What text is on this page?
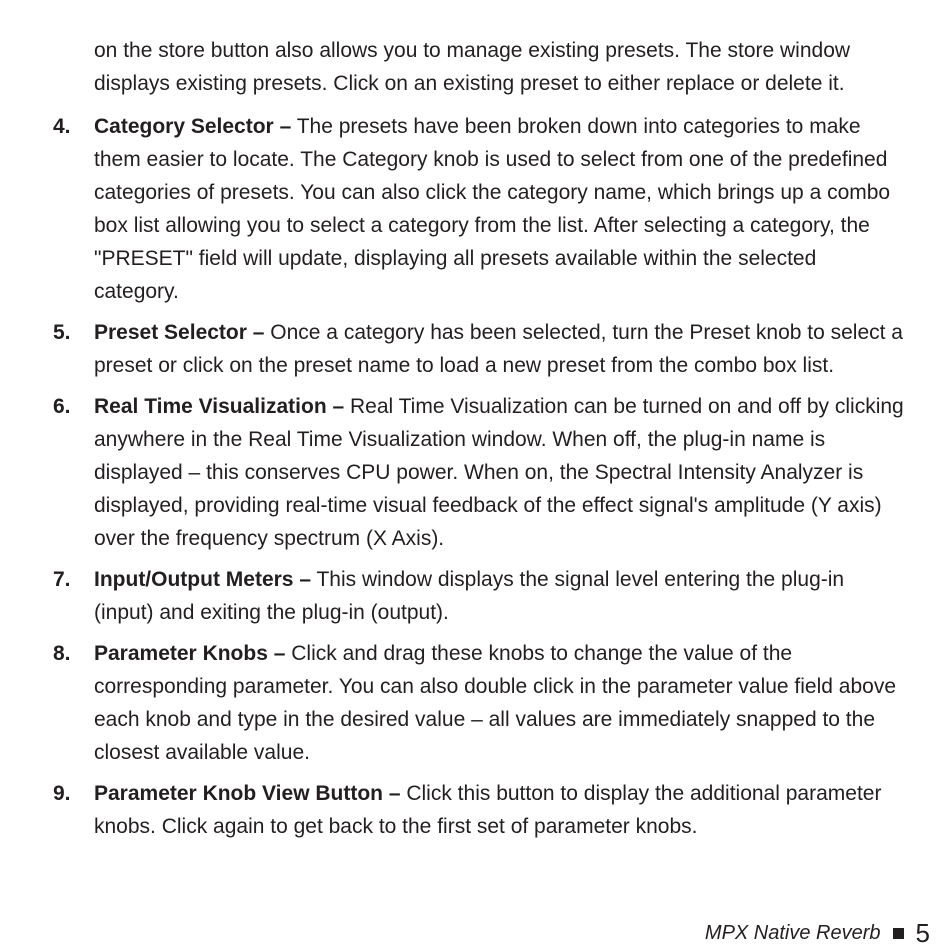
on the store button also allows you to manage existing presets. The store window displays existing presets. Click on an existing preset to either replace or delete it.

4. Category Selector – The presets have been broken down into categories to make them easier to locate. The Category knob is used to select from one of the predefined categories of presets. You can also click the category name, which brings up a combo box list allowing you to select a category from the list. After selecting a category, the "PRESET" field will update, displaying all presets available within the selected category.
5. Preset Selector – Once a category has been selected, turn the Preset knob to select a preset or click on the preset name to load a new preset from the combo box list.
6. Real Time Visualization – Real Time Visualization can be turned on and off by clicking anywhere in the Real Time Visualization window. When off, the plug-in name is displayed – this conserves CPU power. When on, the Spectral Intensity Analyzer is displayed, providing real-time visual feedback of the effect signal's amplitude (Y axis) over the frequency spectrum (X Axis).
7. Input/Output Meters – This window displays the signal level entering the plug-in (input) and exiting the plug-in (output).
8. Parameter Knobs – Click and drag these knobs to change the value of the corresponding parameter. You can also double click in the parameter value field above each knob and type in the desired value – all values are immediately snapped to the closest available value.
9. Parameter Knob View Button – Click this button to display the additional parameter knobs. Click again to get back to the first set of parameter knobs.
MPX Native Reverb 5
